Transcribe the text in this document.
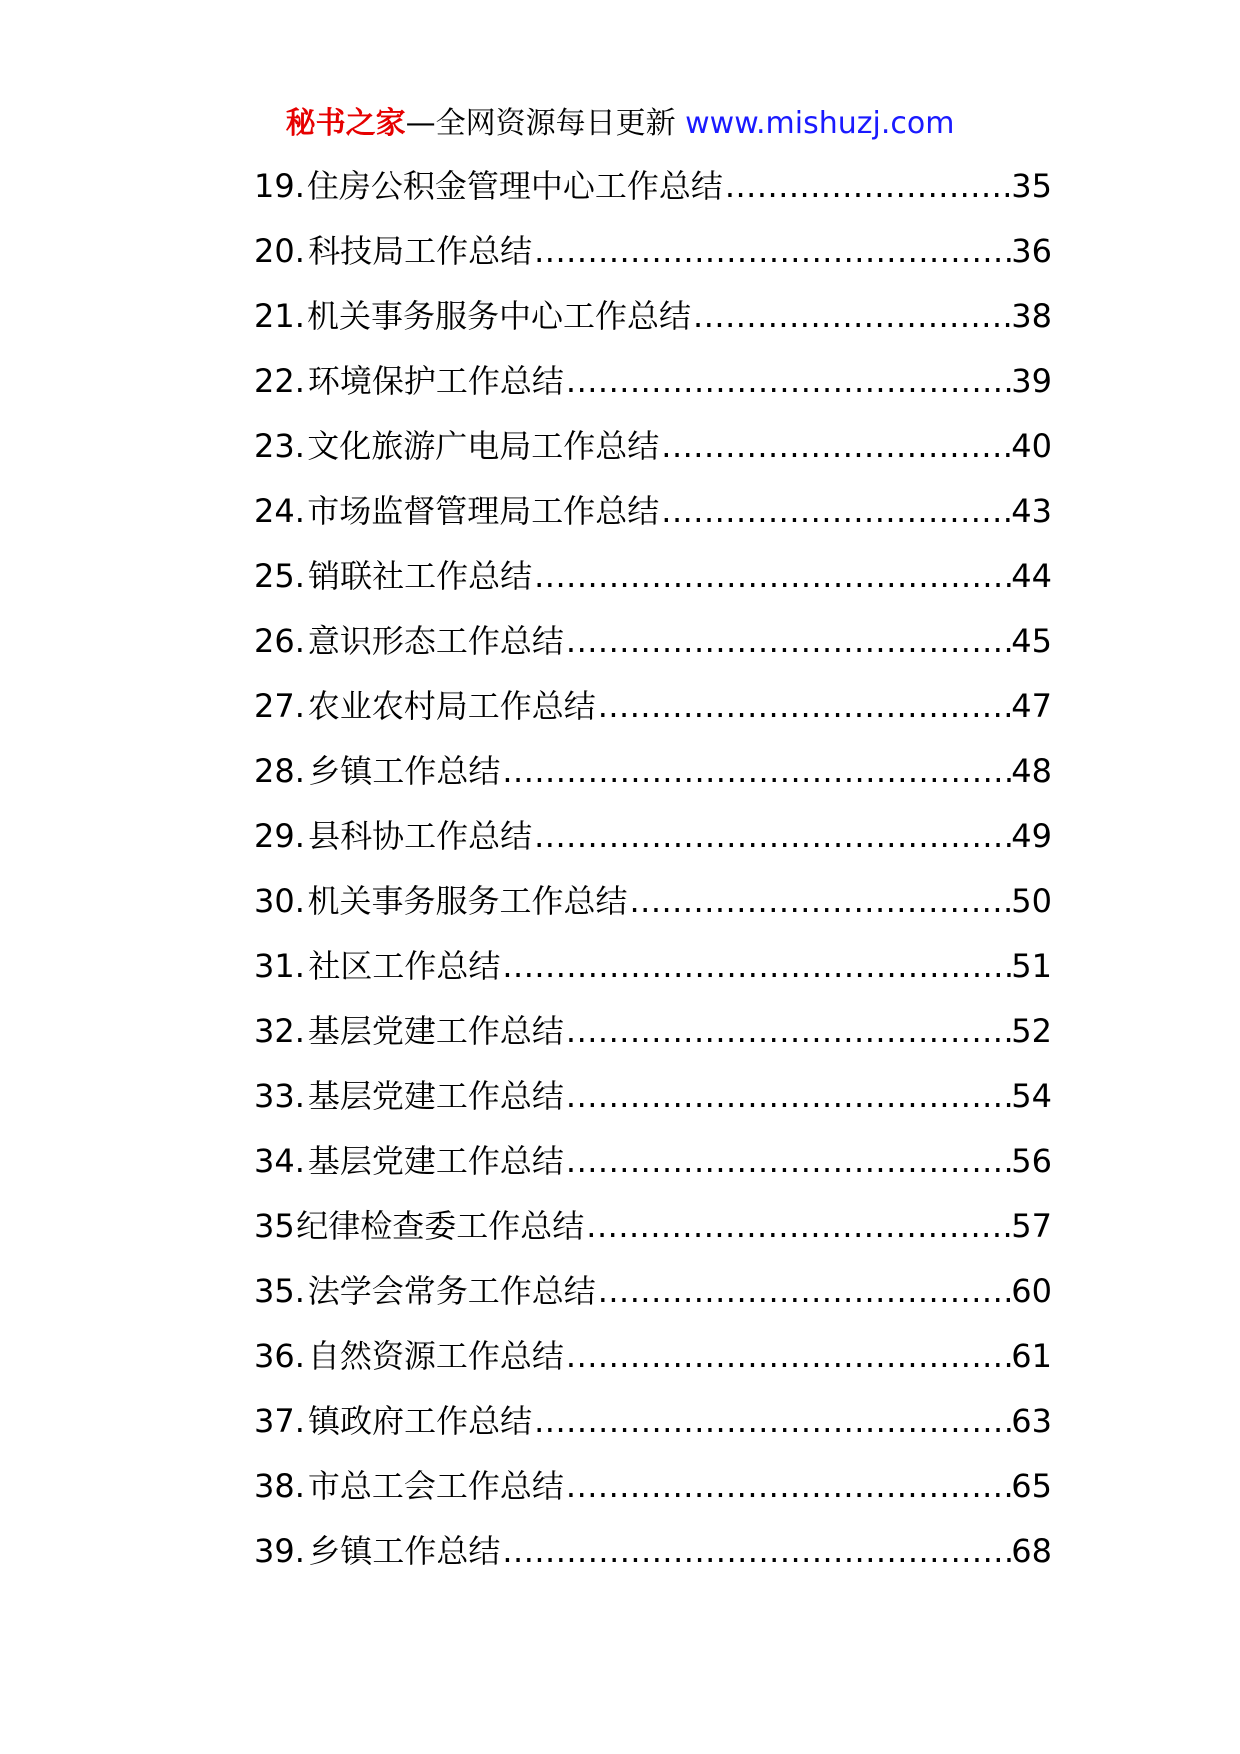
秘书之家—全网资源每日更新 www.mishuzj.com
19. 住房公积金管理中心工作总结 .....	35
20. 科技局工作总结 .....	36
21. 机关事务服务中心工作总结 .....	38
22. 环境保护工作总结 .....	39
23. 文化旅游广电局工作总结 .....	40
24. 市场监督管理局工作总结 .....	43
25. 销联社工作总结 .....	44
26. 意识形态工作总结 .....	45
27. 农业农村局工作总结 .....	47
28. 乡镇工作总结 .....	48
29. 县科协工作总结 .....	49
30. 机关事务服务工作总结 .....	50
31. 社区工作总结 .....	51
32. 基层党建工作总结 .....	52
33. 基层党建工作总结 .....	54
34. 基层党建工作总结 .....	56
35 纪律检查委工作总结 .....	57
35. 法学会常务工作总结 .....	60
36. 自然资源工作总结 .....	61
37. 镇政府工作总结 .....	63
38. 市总工会工作总结 .....	65
39. 乡镇工作总结 .....	68
